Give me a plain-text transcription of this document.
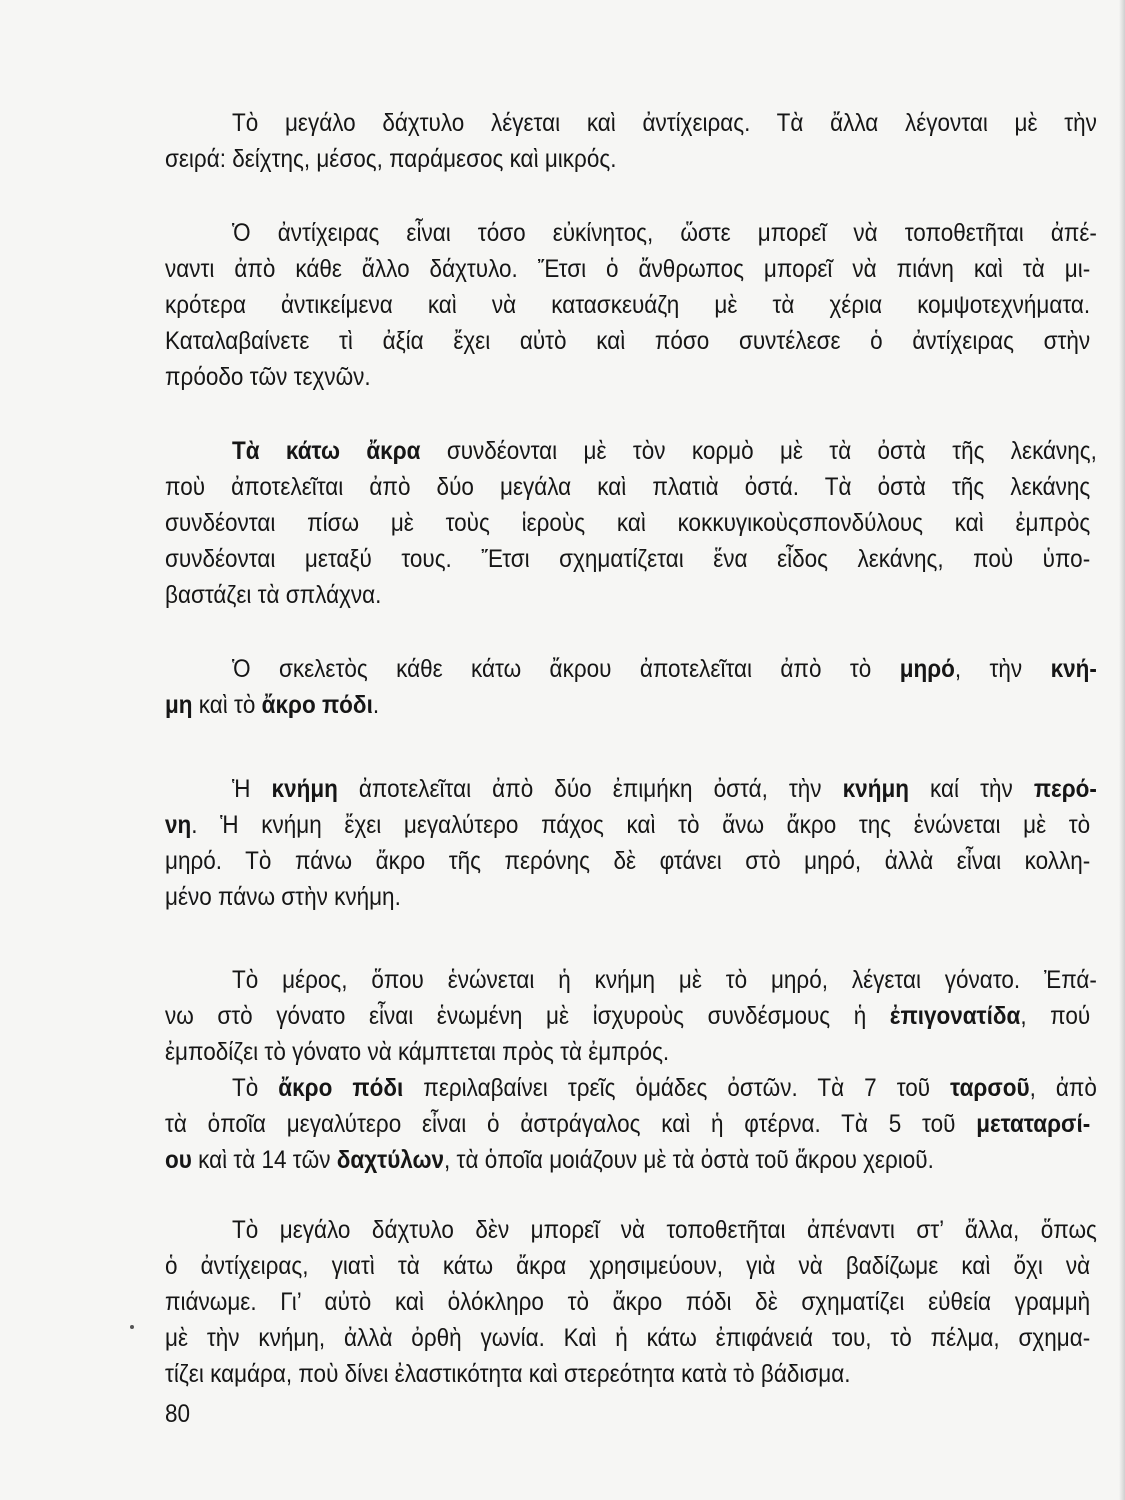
Τὸ μεγάλο δάχτυλο λέγεται καὶ ἀντίχειρας. Τὰ ἄλλα λέγονται μὲ τὴν
σειρά: δείχτης, μέσος, παράμεσος καὶ μικρός.
Ὁ ἀντίχειρας εἶναι τόσο εὐκίνητος, ὥστε μπορεῖ νὰ τοποθετῆται ἀπέ-
ναντι ἀπὸ κάθε ἄλλο δάχτυλο. Ἔτσι ὁ ἄνθρωπος μπορεῖ νὰ πιάνη καὶ τὰ μι-
κρότερα ἀντικείμενα καὶ νὰ κατασκευάζη μὲ τὰ χέρια κομψοτεχνήματα.
Καταλαβαίνετε τὶ ἀξία ἔχει αὐτὸ καὶ πόσο συντέλεσε ὁ ἀντίχειρας στὴν
πρόοδο τῶν τεχνῶν.
Τὰ κάτω ἄκρα συνδέονται μὲ τὸν κορμὸ μὲ τὰ ὀστὰ τῆς λεκάνης,
ποὺ ἀποτελεῖται ἀπὸ δύο μεγάλα καὶ πλατιὰ ὀστά. Τὰ ὀστὰ τῆς λεκάνης
συνδέονται πίσω μὲ τοὺς ἱεροὺς καὶ κοκκυγικοὺςσπονδύλους καὶ ἐμπρὸς
συνδέονται μεταξύ τους. Ἔτσι σχηματίζεται ἕνα εἶδος λεκάνης, ποὺ ὑπο-
βαστάζει τὰ σπλάχνα.
Ὁ σκελετὸς κάθε κάτω ἄκρου ἀποτελεῖται ἀπὸ τὸ μηρό, τὴν κνή-
μη καὶ τὸ ἄκρο πόδι.
Ἡ κνήμη ἀποτελεῖται ἀπὸ δύο ἐπιμήκη ὀστά, τὴν κνήμη καί τὴν περό-
νη. Ἡ κνήμη ἔχει μεγαλύτερο πάχος καὶ τὸ ἄνω ἄκρο της ἑνώνεται μὲ τὸ
μηρό. Τὸ πάνω ἄκρο τῆς περόνης δὲ φτάνει στὸ μηρό, ἀλλὰ εἶναι κολλη-
μένο πάνω στὴν κνήμη.
Τὸ μέρος, ὅπου ἑνώνεται ἡ κνήμη μὲ τὸ μηρό, λέγεται γόνατο. Ἐπά-
νω στὸ γόνατο εἶναι ἑνωμένη μὲ ἰσχυροὺς συνδέσμους ἡ ἐπιγονατίδα, πού
ἐμποδίζει τὸ γόνατο νὰ κάμπτεται πρὸς τὰ ἐμπρός.
Τὸ ἄκρο πόδι περιλαβαίνει τρεῖς ὁμάδες ὀστῶν. Τὰ 7 τοῦ ταρσοῦ, ἀπὸ
τὰ ὁποῖα μεγαλύτερο εἶναι ὁ ἀστράγαλος καὶ ἡ φτέρνα. Τὰ 5 τοῦ μεταταρσί-
ου καὶ τὰ 14 τῶν δαχτύλων, τὰ ὁποῖα μοιάζουν μὲ τὰ ὀστὰ τοῦ ἄκρου χεριοῦ.
Τὸ μεγάλο δάχτυλο δὲν μπορεῖ νὰ τοποθετῆται ἀπέναντι στ’ ἄλλα, ὅπως
ὁ ἀντίχειρας, γιατὶ τὰ κάτω ἄκρα χρησιμεύουν, γιὰ νὰ βαδίζωμε καὶ ὄχι νὰ
πιάνωμε. Γι’ αὐτὸ καὶ ὁλόκληρο τὸ ἄκρο πόδι δὲ σχηματίζει εὐθεία γραμμὴ
μὲ τὴν κνήμη, ἀλλὰ ὀρθὴ γωνία. Καὶ ἡ κάτω ἐπιφάνειά του, τὸ πέλμα, σχημα-
τίζει καμάρα, ποὺ δίνει ἐλαστικότητα καὶ στερεότητα κατὰ τὸ βάδισμα.
80
